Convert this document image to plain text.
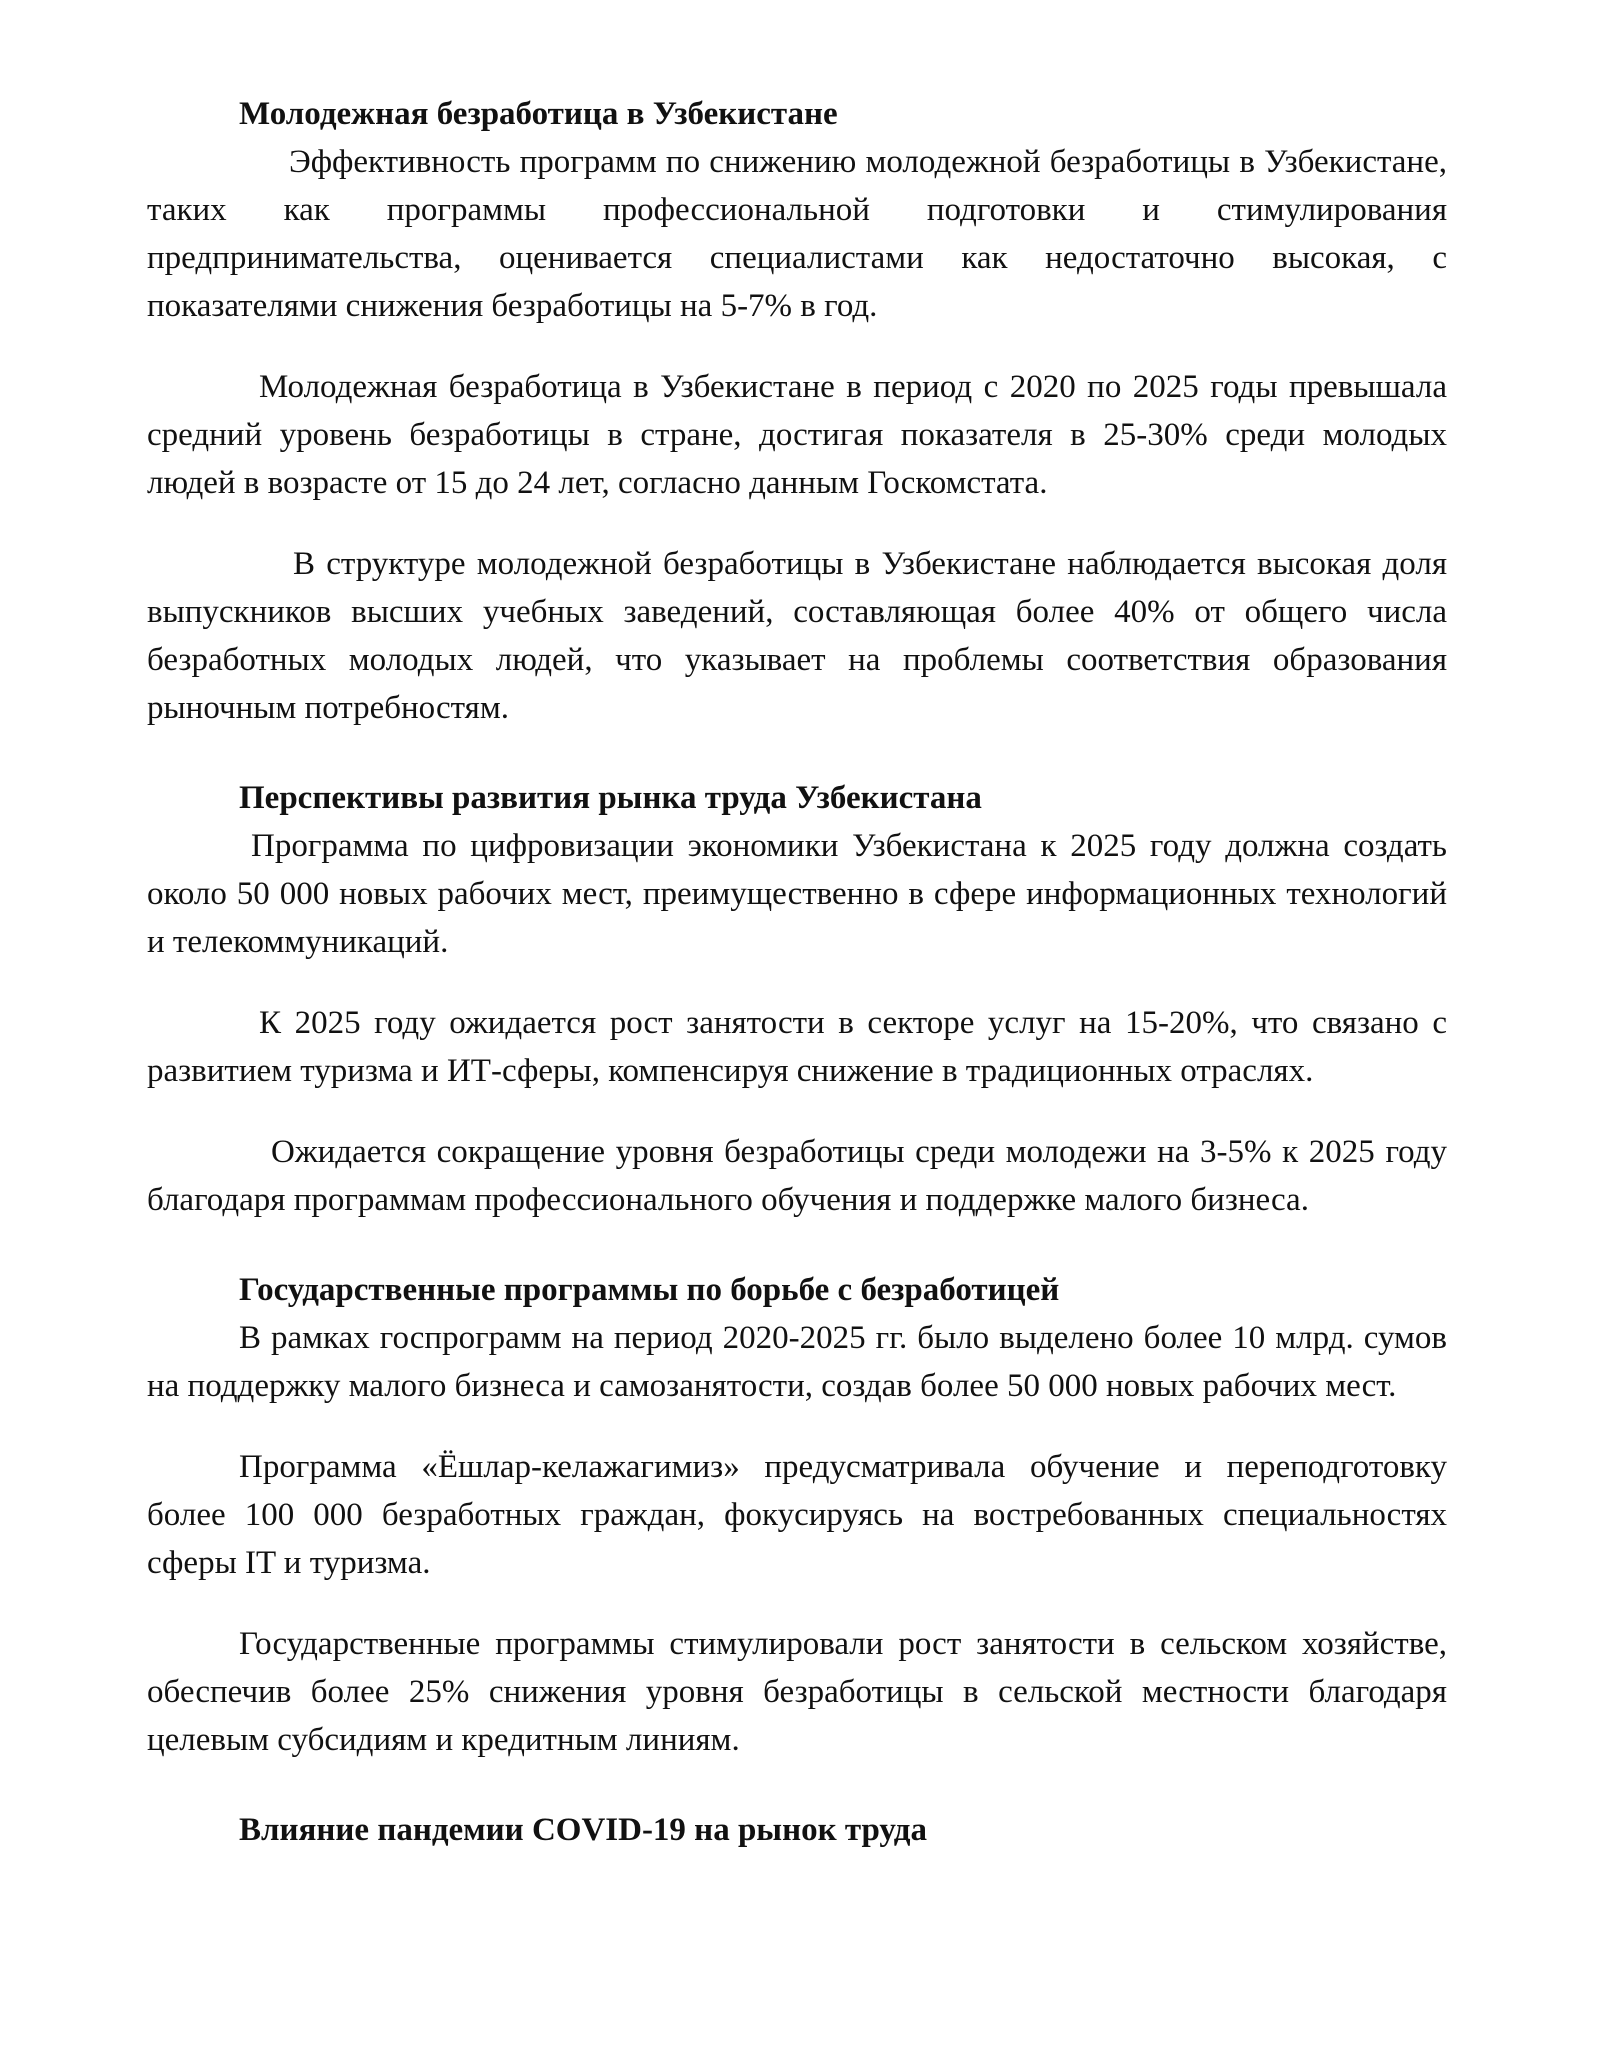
Молодежная безработица в Узбекистане

Эффективность программ по снижению молодежной безработицы в Узбекистане, таких как программы профессиональной подготовки и стимулирования предпринимательства, оценивается специалистами как недостаточно высокая, с показателями снижения безработицы на 5-7% в год.

Молодежная безработица в Узбекистане в период с 2020 по 2025 годы превышала средний уровень безработицы в стране, достигая показателя в 25-30% среди молодых людей в возрасте от 15 до 24 лет, согласно данным Госкомстата.

В структуре молодежной безработицы в Узбекистане наблюдается высокая доля выпускников высших учебных заведений, составляющая более 40% от общего числа безработных молодых людей, что указывает на проблемы соответствия образования рыночным потребностям.

Перспективы развития рынка труда Узбекистана

Программа по цифровизации экономики Узбекистана к 2025 году должна создать около 50 000 новых рабочих мест, преимущественно в сфере информационных технологий и телекоммуникаций.

К 2025 году ожидается рост занятости в секторе услуг на 15-20%, что связано с развитием туризма и ИТ-сферы, компенсируя снижение в традиционных отраслях.

Ожидается сокращение уровня безработицы среди молодежи на 3-5% к 2025 году благодаря программам профессионального обучения и поддержке малого бизнеса.

Государственные программы по борьбе с безработицей

В рамках госпрограмм на период 2020-2025 гг. было выделено более 10 млрд. сумов на поддержку малого бизнеса и самозанятости, создав более 50 000 новых рабочих мест.

Программа «Ёшлар-келажагимиз» предусматривала обучение и переподготовку более 100 000 безработных граждан, фокусируясь на востребованных специальностях сферы IT и туризма.

Государственные программы стимулировали рост занятости в сельском хозяйстве, обеспечив более 25% снижения уровня безработицы в сельской местности благодаря целевым субсидиям и кредитным линиям.

Влияние пандемии COVID-19 на рынок труда
